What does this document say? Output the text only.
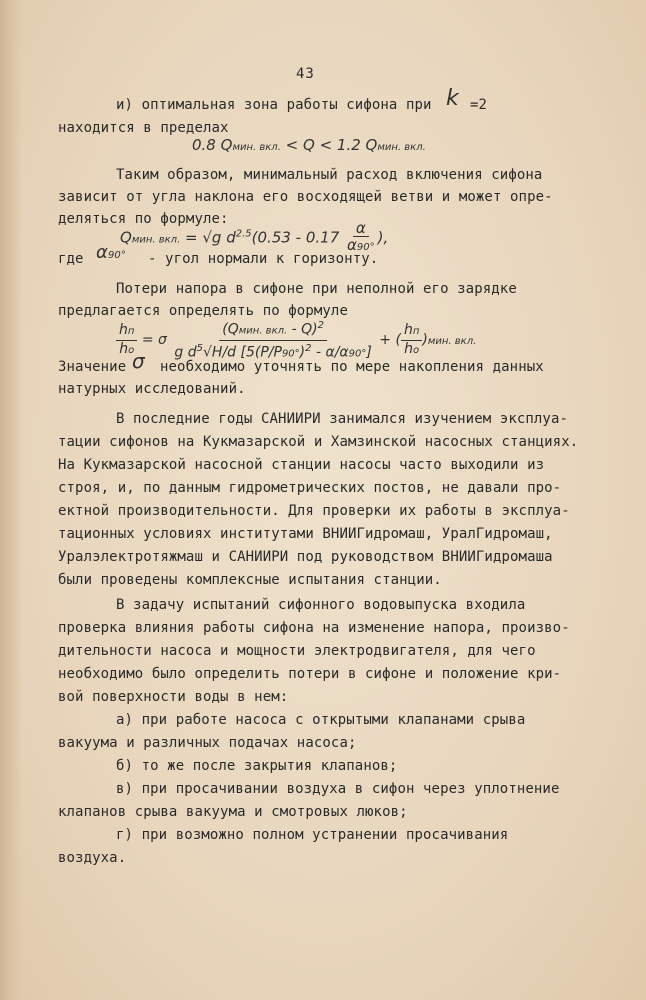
43
и) оптимальная зона работы сифона при k =2
находится в пределах
0.8 Qмин. вкл. < Q < 1.2 Qмин. вкл.
Таким образом, минимальный расход включения сифона
зависит от угла наклона его восходящей ветви и может опре-
деляться по формуле:
Qмин. вкл. = √g $d^{2.5}(0.53 - 0.17 \frac{\alpha}{\alpha 90^\circ}$ ),
где α90° - угол нормали к горизонту.
Потери напора в сифоне при неполной его зарядке
предлагается определять по формуле
$\frac{hп}{hо} = \sigma \frac{(Qмин. вкл. - Q)^2}{g d^5√H/d [5(P/P90^\circ)^2 - \alpha/\alpha 90^\circ]}$ + ( $\frac{hп}{hо} )мин$. вкл.
Значение σ необходимо уточнять по мере накопления данных
натурных исследований.
В последние годы САНИИРИ занимался изучением эксплуа-
тации сифонов на Кукмазарской и Хамзинской насосных станциях.
На Кукмазарской насосной станции насосы часто выходили из
строя, и, по данным гидрометрических постов, не давали про-
ектной производительности. Для проверки их работы в эксплуа-
тационных условиях институтами ВНИИГидромаш, УралГидромаш,
Уралэлектротяжмаш и САНИИРИ под руководством ВНИИГидромаша
были проведены комплексные испытания станции.
В задачу испытаний сифонного водовыпуска входила
проверка влияния работы сифона на изменение напора, произво-
дительности насоса и мощности электродвигателя, для чего
необходимо было определить потери в сифоне и положение кри-
вой поверхности воды в нем:
а) при работе насоса с открытыми клапанами срыва
вакуума и различных подачах насоса;
б) то же после закрытия клапанов;
в) при просачивании воздуха в сифон через уплотнение
клапанов срыва вакуума и смотровых люков;
г) при возможно полном устранении просачивания
воздуха.
